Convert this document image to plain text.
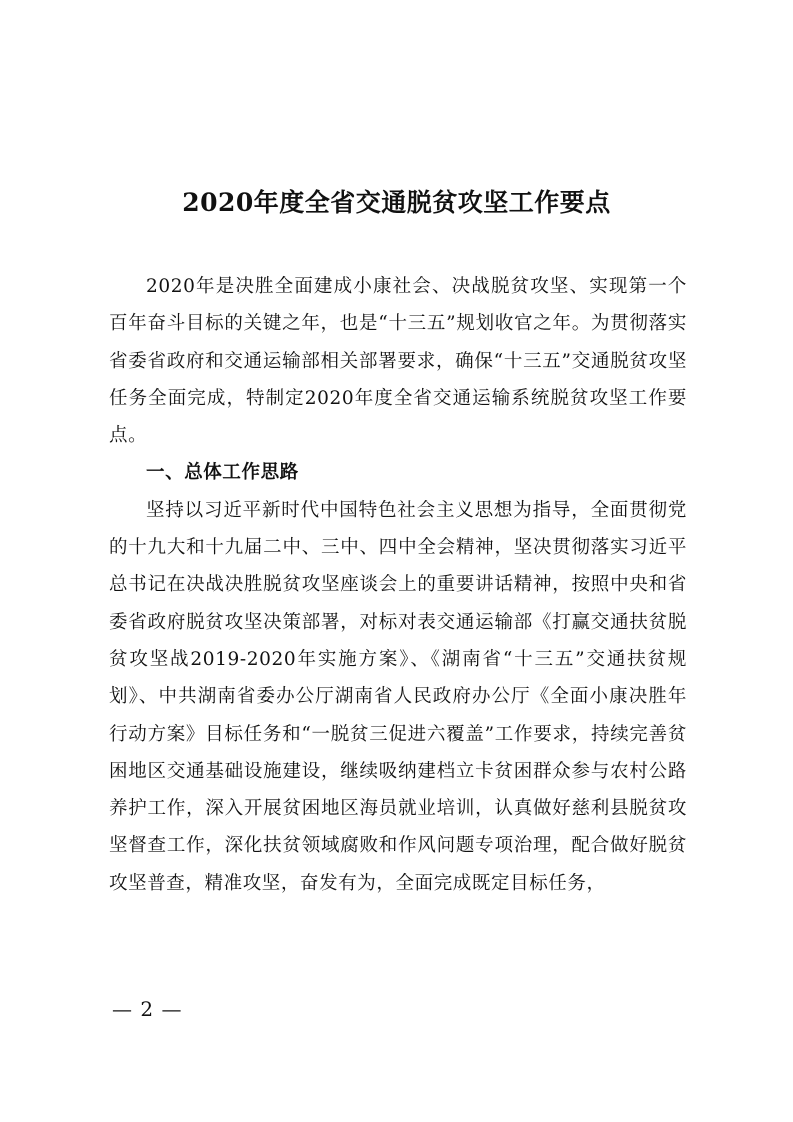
2020年度全省交通脱贫攻坚工作要点

2020年是决胜全面建成小康社会、决战脱贫攻坚、实现第一个百年奋斗目标的关键之年，也是“十三五”规划收官之年。为贯彻落实省委省政府和交通运输部相关部署要求，确保“十三五”交通脱贫攻坚任务全面完成，特制定2020年度全省交通运输系统脱贫攻坚工作要点。

一、总体工作思路

坚持以习近平新时代中国特色社会主义思想为指导，全面贯彻党的十九大和十九届二中、三中、四中全会精神，坚决贯彻落实习近平总书记在决战决胜脱贫攻坚座谈会上的重要讲话精神，按照中央和省委省政府脱贫攻坚决策部署，对标对表交通运输部《打赢交通扶贫脱贫攻坚战2019-2020年实施方案》、《湖南省“十三五”交通扶贫规划》、中共湖南省委办公厅湖南省人民政府办公厅《全面小康决胜年行动方案》目标任务和“一脱贫三促进六覆盖”工作要求，持续完善贫困地区交通基础设施建设，继续吸纳建档立卡贫困群众参与农村公路养护工作，深入开展贫困地区海员就业培训，认真做好慈利县脱贫攻坚督查工作，深化扶贫领域腐败和作风问题专项治理，配合做好脱贫攻坚普查，精准攻坚，奋发有为，全面完成既定目标任务，

— 2 —
